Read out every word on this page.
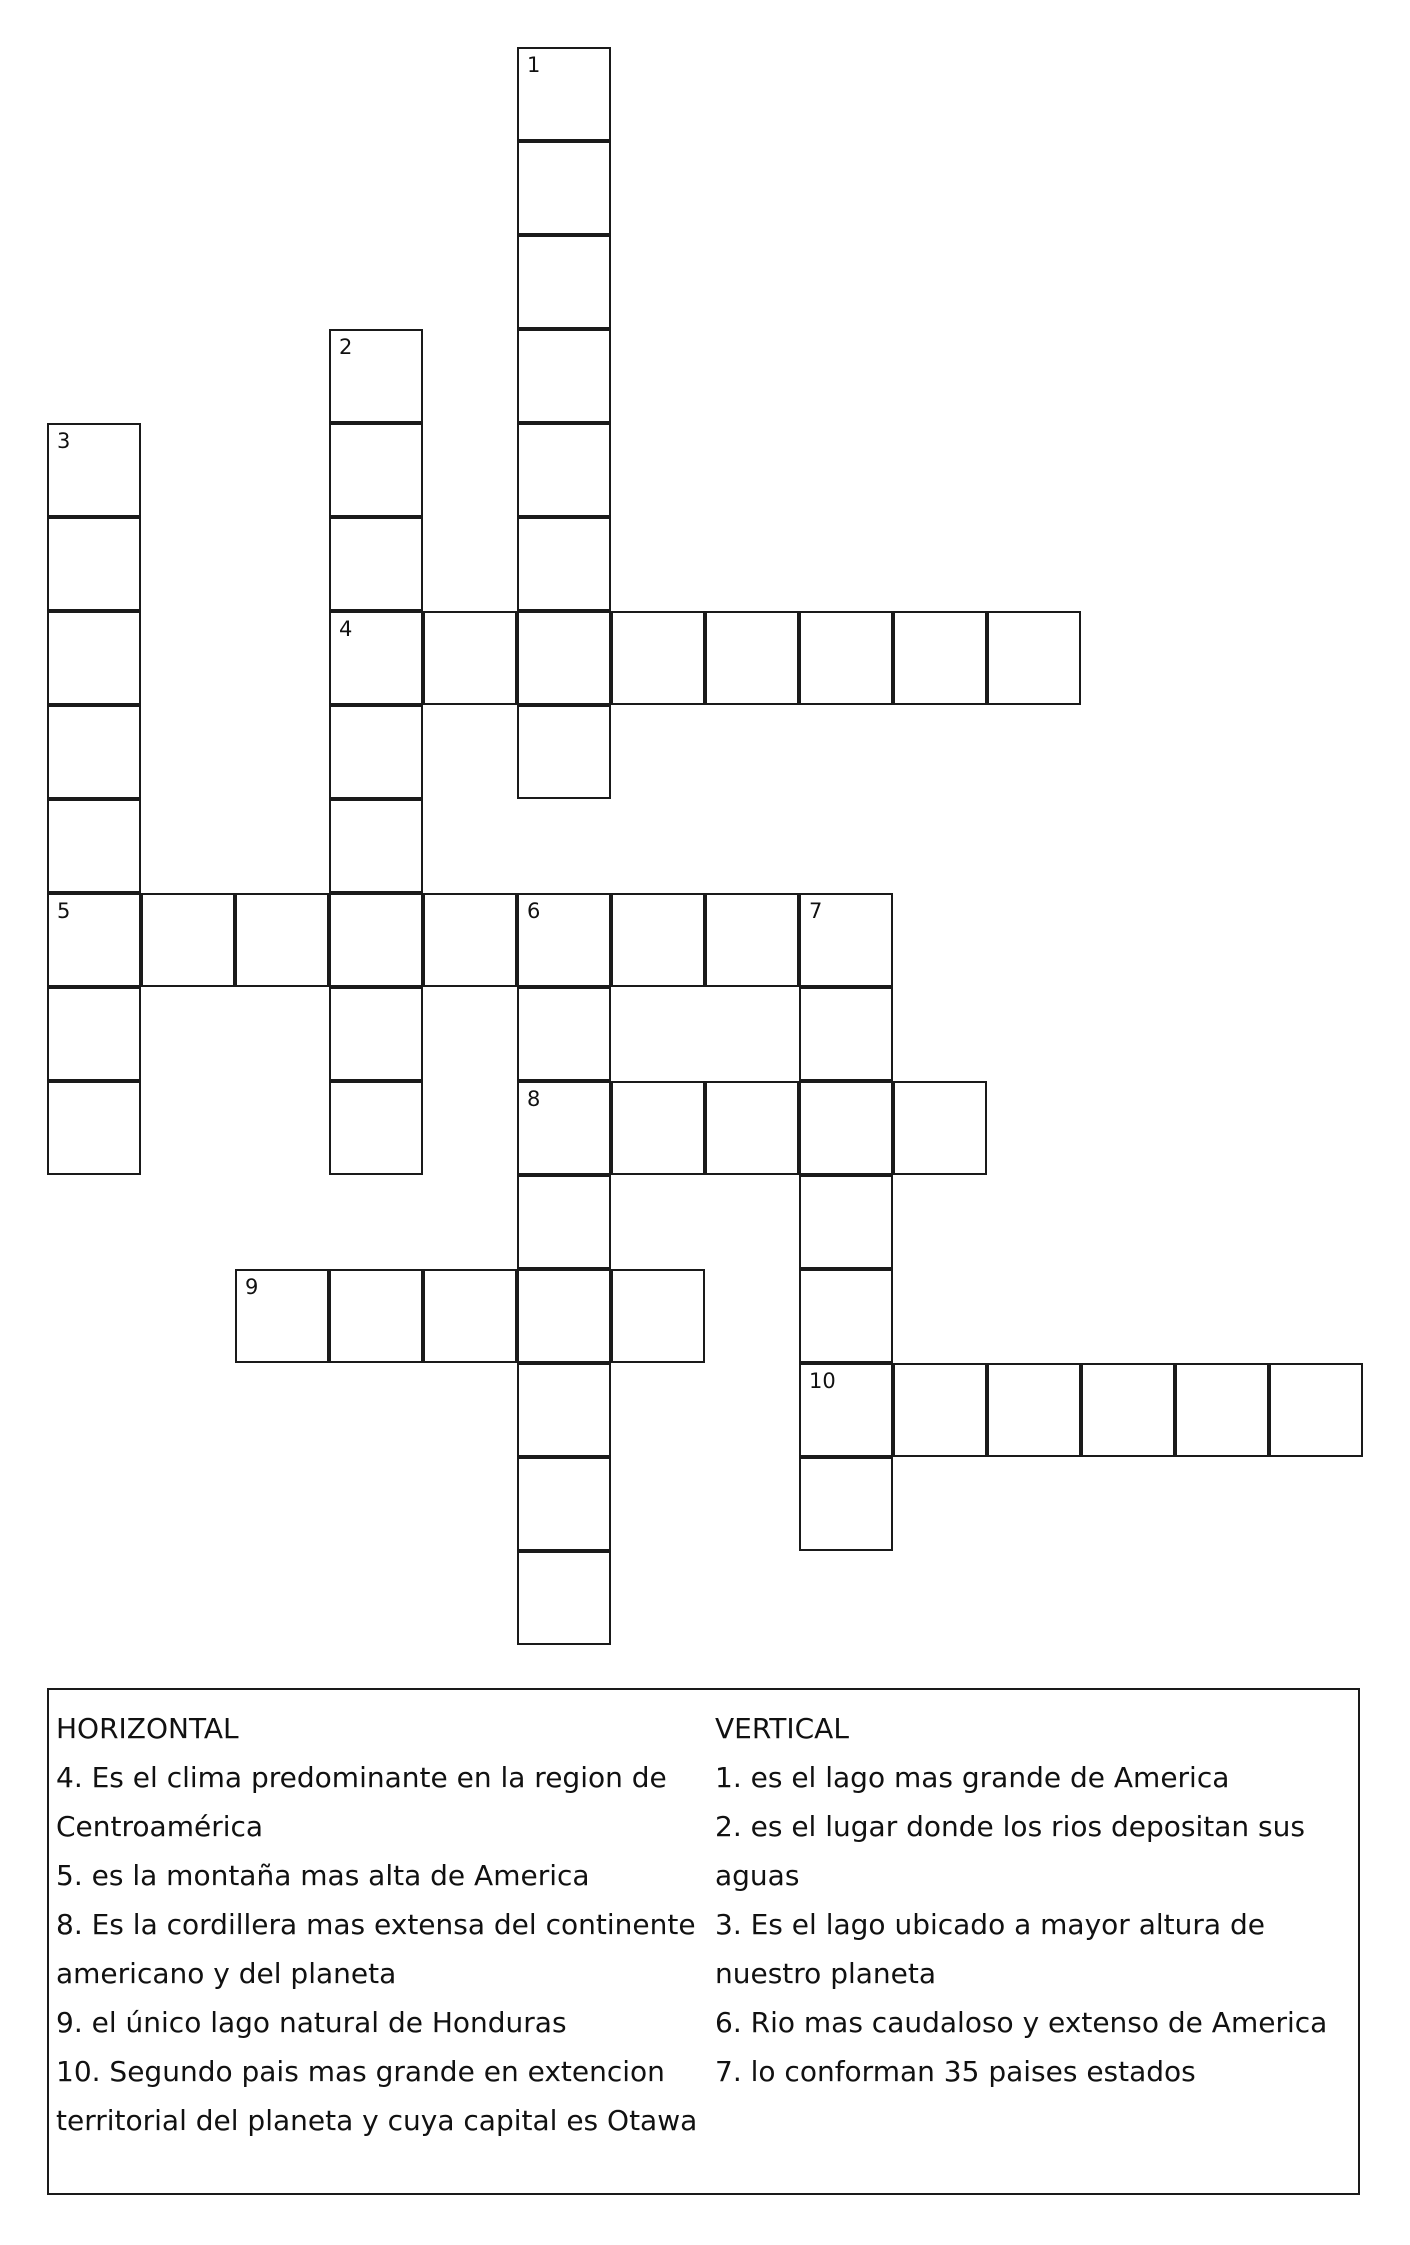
1
2
4
3
5	6	7
8
10
9
HORIZONTAL
4. Es el clima predominante en la region de Centroamérica
5. es la montaña mas alta de America
8. Es la cordillera mas extensa del continente americano y del planeta
9. el único lago natural de Honduras
10. Segundo pais mas grande en extencion territorial del planeta y cuya capital es Otawa
VERTICAL
1. es el lago mas grande de America
2. es el lugar donde los rios depositan sus aguas
3. Es el lago ubicado a mayor altura de nuestro planeta
6. Rio mas caudaloso y extenso de America
7. lo conforman 35 paises estados
